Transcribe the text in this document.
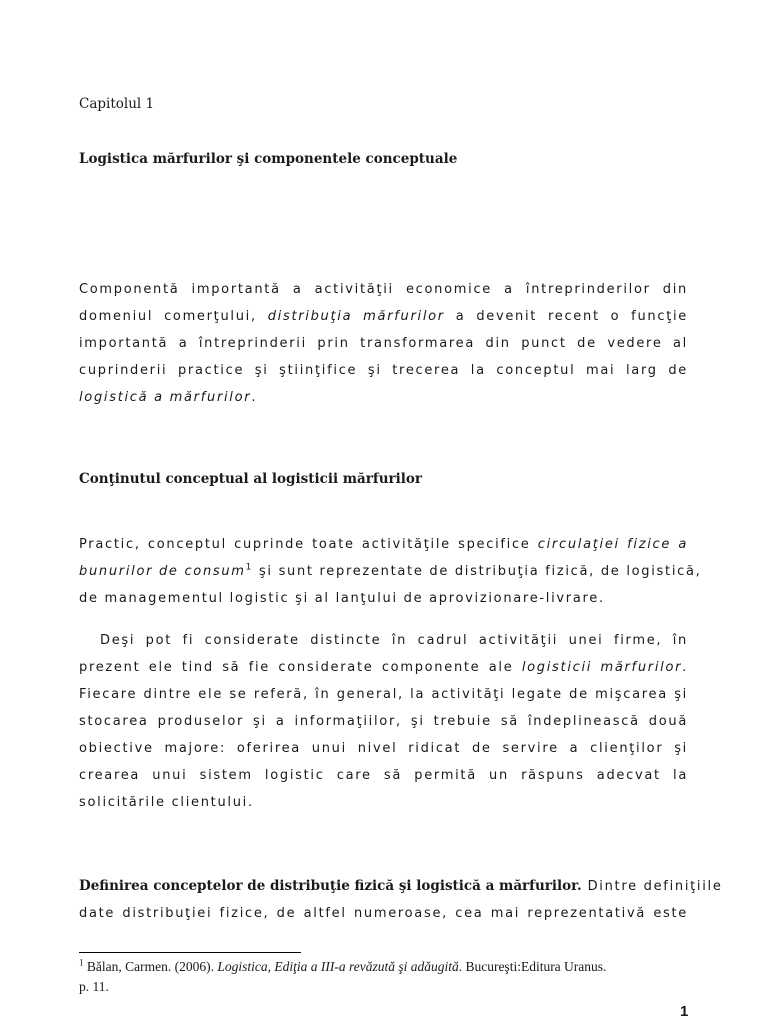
Capitolul 1
Logistica mărfurilor şi componentele conceptuale
Componentă importantă a activităţii economice a întreprinderilor din
domeniul comerţului, distribuţia mărfurilor a devenit recent o funcţie
importantă a întreprinderii prin transformarea din punct de vedere al
cuprinderii practice şi ştiinţifice şi trecerea la conceptul mai larg de
logistică a mărfurilor.
Conţinutul conceptual al logisticii mărfurilor
Practic, conceptul cuprinde toate activităţile specifice circulaţiei fizice a
bunurilor de consum$^1$ şi sunt reprezentate de distribuţia fizică, de logistică,
de managementul logistic şi al lanţului de aprovizionare-livrare.
Deşi pot fi considerate distincte în cadrul activităţii unei firme, în
prezent ele tind să fie considerate componente ale logisticii mărfurilor.
Fiecare dintre ele se referă, în general, la activităţi legate de mişcarea şi
stocarea produselor şi a informaţiilor, şi trebuie să îndeplinească două
obiective majore: oferirea unui nivel ridicat de servire a clienţilor şi
crearea unui sistem logistic care să permită un răspuns adecvat la
solicitările clientului.
Definirea conceptelor de distribuţie fizică şi logistică a mărfurilor. Dintre definiţiile
date distribuţiei fizice, de altfel numeroase, cea mai reprezentativă este
$^1$ Bălan, Carmen. (2006). Logistica, Ediţia a III-a revăzută şi adăugită. Bucureşti:Editura Uranus.
p. 11.
1
